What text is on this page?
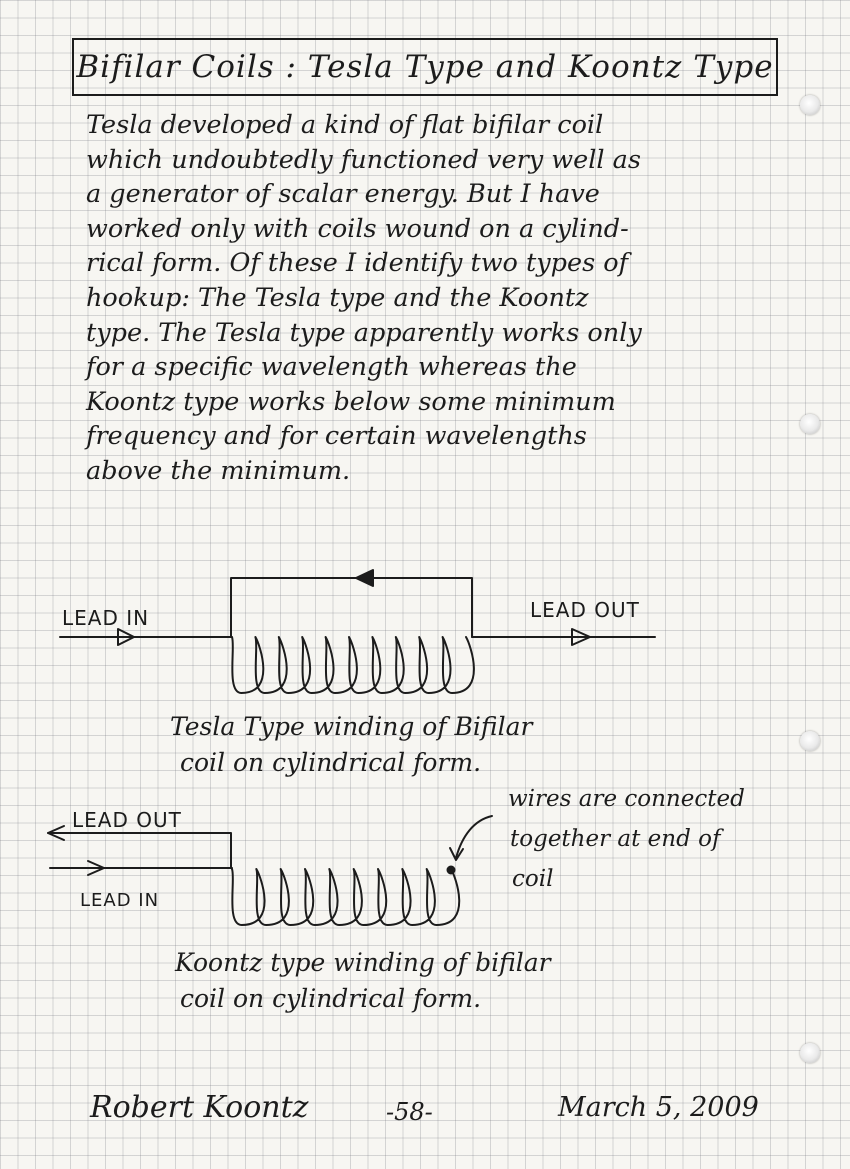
Bifilar Coils : Tesla Type and Koontz Type
Tesla developed a kind of flat bifilar coil
which undoubtedly functioned very well as
a generator of scalar energy. But I have
worked only with coils wound on a cylind-
rical form. Of these I identify two types of
hookup: The Tesla type and the Koontz
type. The Tesla type apparently works only
for a specific wavelength whereas the
Koontz type works below some minimum
frequency and for certain wavelengths
above the minimum.
LEAD IN	LEAD OUT
Tesla Type winding of Bifilar
coil on cylindrical form.
LEAD OUT
LEAD IN
wires are connected
together at end of
coil
Koontz type winding of bifilar
coil on cylindrical form.
Robert Koontz	-58-	March 5, 2009
